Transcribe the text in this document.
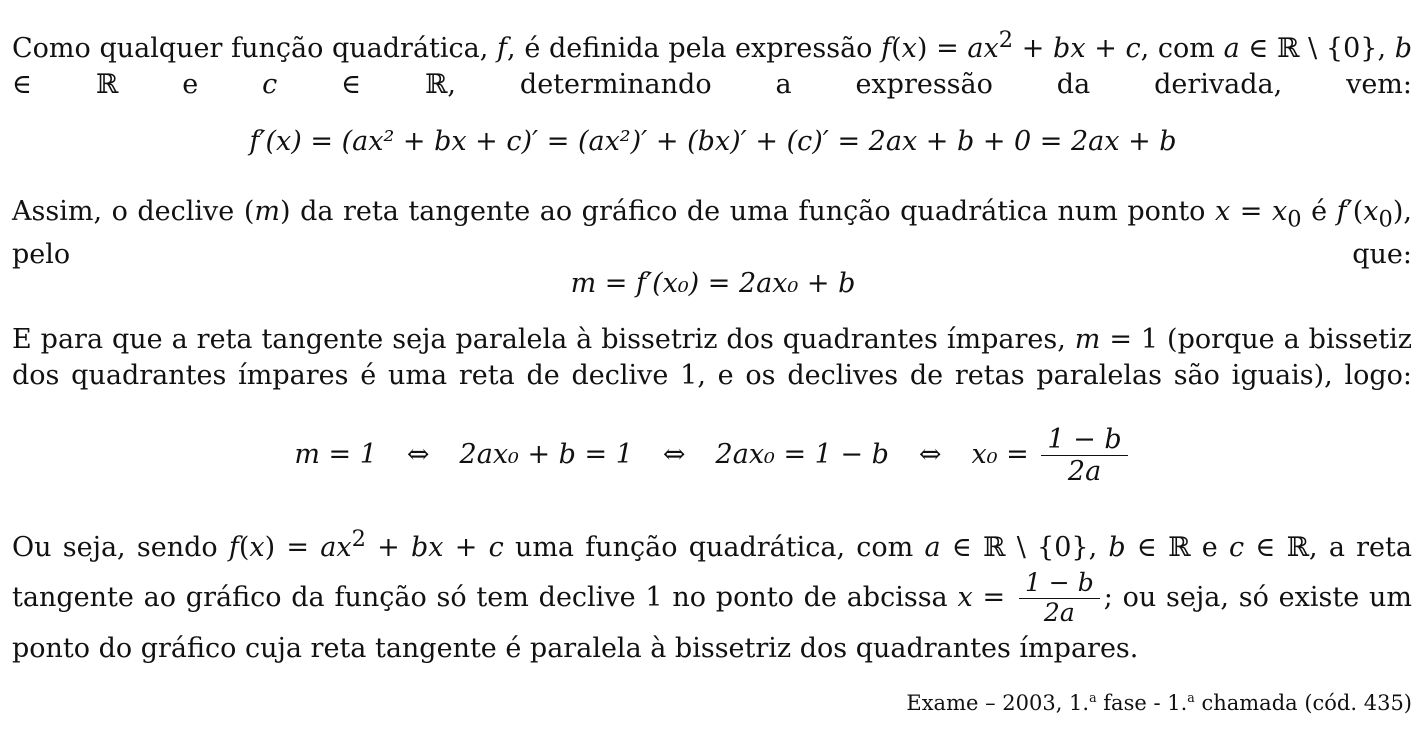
Como qualquer função quadrática, f, é definida pela expressão $f(x) = ax^2$ + bx + c, com a ∈ ℝ \ {0}, b ∈ ℝ e c ∈ ℝ, determinando a expressão da derivada, vem:
f′(x) = (ax² + bx + c)′ = (ax²)′ + (bx)′ + (c)′ = 2ax + b + 0 = 2ax + b
Assim, o declive (m) da reta tangente ao gráfico de uma função quadrática num ponto $x = x_0$ é $f'(x_0)$, pelo que:
m = f′(x₀) = 2ax₀ + b
E para que a reta tangente seja paralela à bissetriz dos quadrantes ímpares, m = 1 (porque a bissetiz dos quadrantes ímpares é uma reta de declive 1, e os declives de retas paralelas são iguais), logo:
m = 1 ⇔ 2ax₀ + b = 1 ⇔ 2ax₀ = 1 − b ⇔ $x_0 = \frac{1 - b}{2a}$
Ou seja, sendo $f(x) = ax^2$ + bx + c uma função quadrática, com a ∈ ℝ \ {0}, b ∈ ℝ e c ∈ ℝ, a reta tangente ao gráfico da função só tem declive 1 no ponto de abcissa $x = \frac{1 - b}{2a}$ ; ou seja, só existe um ponto do gráfico cuja reta tangente é paralela à bissetriz dos quadrantes ímpares.
Exame – 2003, 1.$^a$ fase - 1.$^a$ chamada (cód. 435)
